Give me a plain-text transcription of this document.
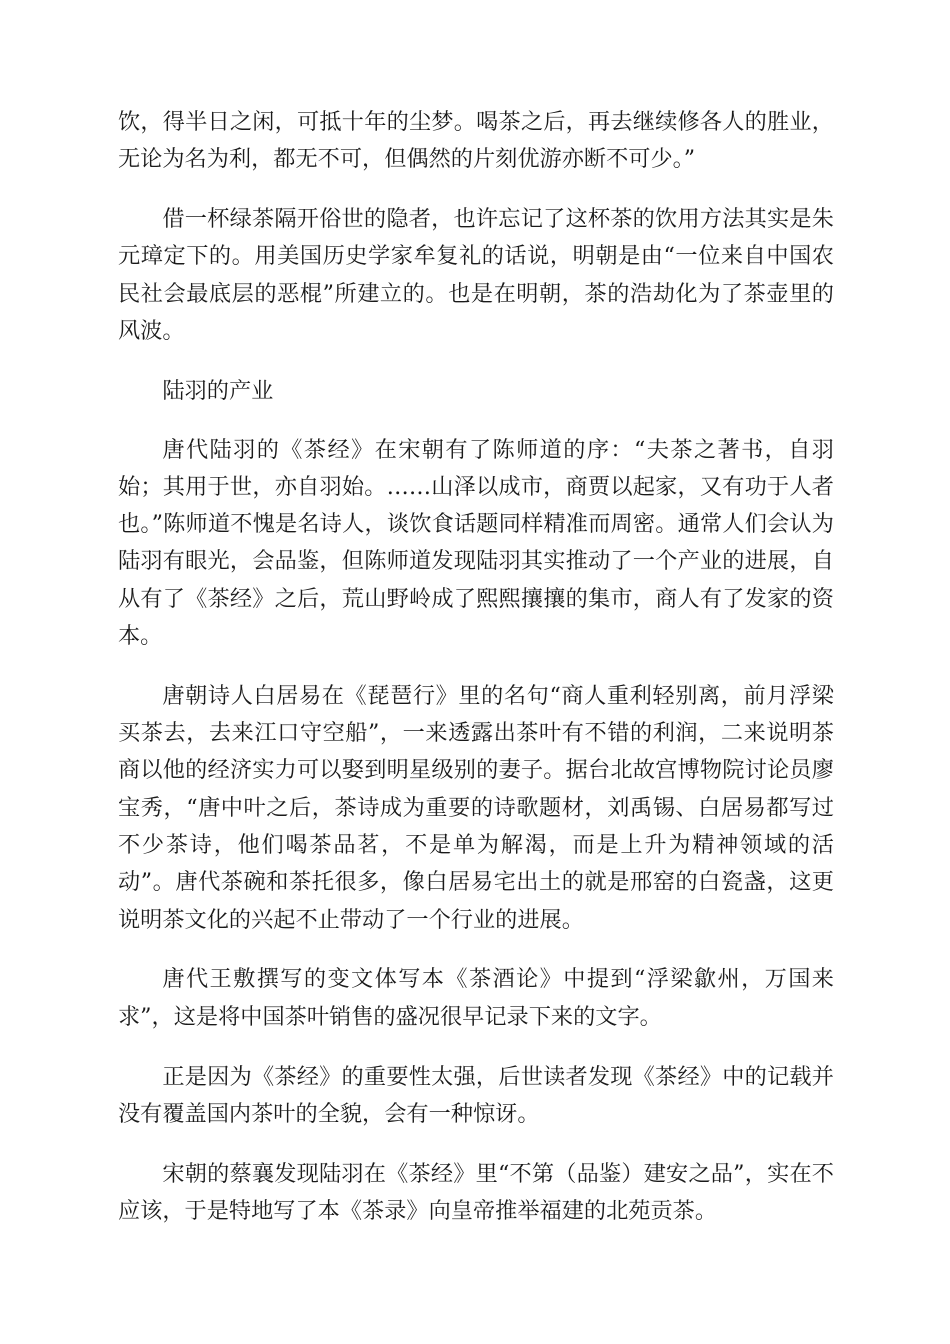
饮，得半日之闲，可抵十年的尘梦。喝茶之后，再去继续修各人的胜业，无论为名为利，都无不可，但偶然的片刻优游亦断不可少。”

借一杯绿茶隔开俗世的隐者，也许忘记了这杯茶的饮用方法其实是朱元璋定下的。用美国历史学家牟复礼的话说，明朝是由“一位来自中国农民社会最底层的恶棍”所建立的。也是在明朝，茶的浩劫化为了茶壶里的风波。

陆羽的产业

唐代陆羽的《茶经》在宋朝有了陈师道的序：“夫茶之著书，自羽始；其用于世，亦自羽始。……山泽以成市，商贾以起家，又有功于人者也。”陈师道不愧是名诗人，谈饮食话题同样精准而周密。通常人们会认为陆羽有眼光，会品鉴，但陈师道发现陆羽其实推动了一个产业的进展，自从有了《茶经》之后，荒山野岭成了熙熙攘攘的集市，商人有了发家的资本。

唐朝诗人白居易在《琵琶行》里的名句“商人重利轻别离，前月浮梁买茶去，去来江口守空船”，一来透露出茶叶有不错的利润，二来说明茶商以他的经济实力可以娶到明星级别的妻子。据台北故宫博物院讨论员廖宝秀，“唐中叶之后，茶诗成为重要的诗歌题材，刘禹锡、白居易都写过不少茶诗，他们喝茶品茗，不是单为解渴，而是上升为精神领域的活动”。唐代茶碗和茶托很多，像白居易宅出土的就是邢窑的白瓷盏，这更说明茶文化的兴起不止带动了一个行业的进展。

唐代王敷撰写的变文体写本《茶酒论》中提到“浮梁歙州，万国来求”，这是将中国茶叶销售的盛况很早记录下来的文字。

正是因为《茶经》的重要性太强，后世读者发现《茶经》中的记载并没有覆盖国内茶叶的全貌，会有一种惊讶。

宋朝的蔡襄发现陆羽在《茶经》里“不第（品鉴）建安之品”，实在不应该，于是特地写了本《茶录》向皇帝推举福建的北苑贡茶。
